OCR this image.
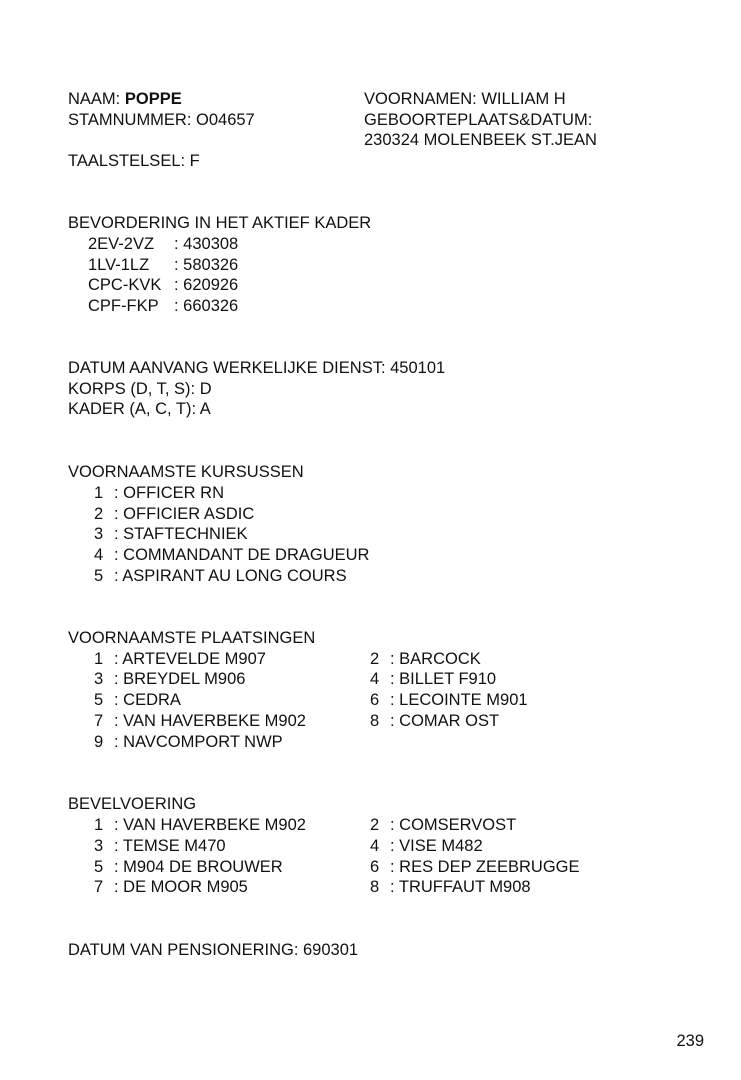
NAAM: POPPE
STAMNUMMER: O04657
TAALSTELSEL: F
VOORNAMEN: WILLIAM H
GEBOORTEPLAATS&DATUM:
230324 MOLENBEEK ST.JEAN
BEVORDERING IN HET AKTIEF KADER
2EV-2VZ : 430308
1LV-1LZ : 580326
CPC-KVK : 620926
CPF-FKP : 660326
DATUM AANVANG WERKELIJKE DIENST: 450101
KORPS (D, T, S): D
KADER (A, C, T): A
VOORNAAMSTE KURSUSSEN
1 : OFFICER RN
2 : OFFICIER ASDIC
3 : STAFTECHNIEK
4 : COMMANDANT DE DRAGUEUR
5 : ASPIRANT AU LONG COURS
VOORNAAMSTE PLAATSINGEN
1 : ARTEVELDE M907
3 : BREYDEL M906
5 : CEDRA
7 : VAN HAVERBEKE M902
9 : NAVCOMPORT NWP
2 : BARCOCK
4 : BILLET F910
6 : LECOINTE M901
8 : COMAR OST
BEVELVOERING
1 : VAN HAVERBEKE M902
3 : TEMSE M470
5 : M904 DE BROUWER
7 : DE MOOR M905
2 : COMSERVOST
4 : VISE M482
6 : RES DEP ZEEBRUGGE
8 : TRUFFAUT M908
DATUM VAN PENSIONERING: 690301
239
